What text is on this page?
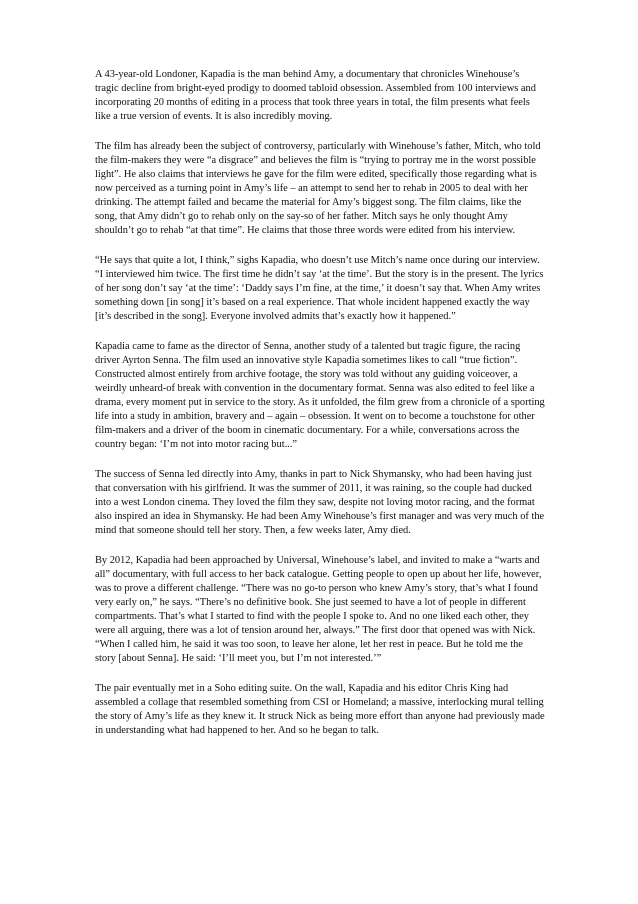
A 43-year-old Londoner, Kapadia is the man behind Amy, a documentary that chronicles Winehouse’s tragic decline from bright-eyed prodigy to doomed tabloid obsession. Assembled from 100 interviews and incorporating 20 months of editing in a process that took three years in total, the film presents what feels like a true version of events. It is also incredibly moving.

The film has already been the subject of controversy, particularly with Winehouse’s father, Mitch, who told the film-makers they were “a disgrace” and believes the film is “trying to portray me in the worst possible light”. He also claims that interviews he gave for the film were edited, specifically those regarding what is now perceived as a turning point in Amy’s life – an attempt to send her to rehab in 2005 to deal with her drinking. The attempt failed and became the material for Amy’s biggest song. The film claims, like the song, that Amy didn’t go to rehab only on the say-so of her father. Mitch says he only thought Amy shouldn’t go to rehab “at that time”. He claims that those three words were edited from his interview.

“He says that quite a lot, I think,” sighs Kapadia, who doesn’t use Mitch’s name once during our interview. “I interviewed him twice. The first time he didn’t say ‘at the time’. But the story is in the present. The lyrics of her song don’t say ‘at the time’: ‘Daddy says I’m fine, at the time,’ it doesn’t say that. When Amy writes something down [in song] it’s based on a real experience. That whole incident happened exactly the way [it’s described in the song]. Everyone involved admits that’s exactly how it happened.”

Kapadia came to fame as the director of Senna, another study of a talented but tragic figure, the racing driver Ayrton Senna. The film used an innovative style Kapadia sometimes likes to call “true fiction”. Constructed almost entirely from archive footage, the story was told without any guiding voiceover, a weirdly unheard-of break with convention in the documentary format. Senna was also edited to feel like a drama, every moment put in service to the story. As it unfolded, the film grew from a chronicle of a sporting life into a study in ambition, bravery and – again – obsession. It went on to become a touchstone for other film-makers and a driver of the boom in cinematic documentary. For a while, conversations across the country began: ‘I’m not into motor racing but...”

The success of Senna led directly into Amy, thanks in part to Nick Shymansky, who had been having just that conversation with his girlfriend. It was the summer of 2011, it was raining, so the couple had ducked into a west London cinema. They loved the film they saw, despite not loving motor racing, and the format also inspired an idea in Shymansky. He had been Amy Winehouse’s first manager and was very much of the mind that someone should tell her story. Then, a few weeks later, Amy died.

By 2012, Kapadia had been approached by Universal, Winehouse’s label, and invited to make a “warts and all” documentary, with full access to her back catalogue. Getting people to open up about her life, however, was to prove a different challenge. “There was no go-to person who knew Amy’s story, that’s what I found very early on,” he says. “There’s no definitive book. She just seemed to have a lot of people in different compartments. That’s what I started to find with the people I spoke to. And no one liked each other, they were all arguing, there was a lot of tension around her, always.” The first door that opened was with Nick. “When I called him, he said it was too soon, to leave her alone, let her rest in peace. But he told me the story [about Senna]. He said: ‘I’ll meet you, but I’m not interested.’”

The pair eventually met in a Soho editing suite. On the wall, Kapadia and his editor Chris King had assembled a collage that resembled something from CSI or Homeland; a massive, interlocking mural telling the story of Amy’s life as they knew it. It struck Nick as being more effort than anyone had previously made in understanding what had happened to her. And so he began to talk.
